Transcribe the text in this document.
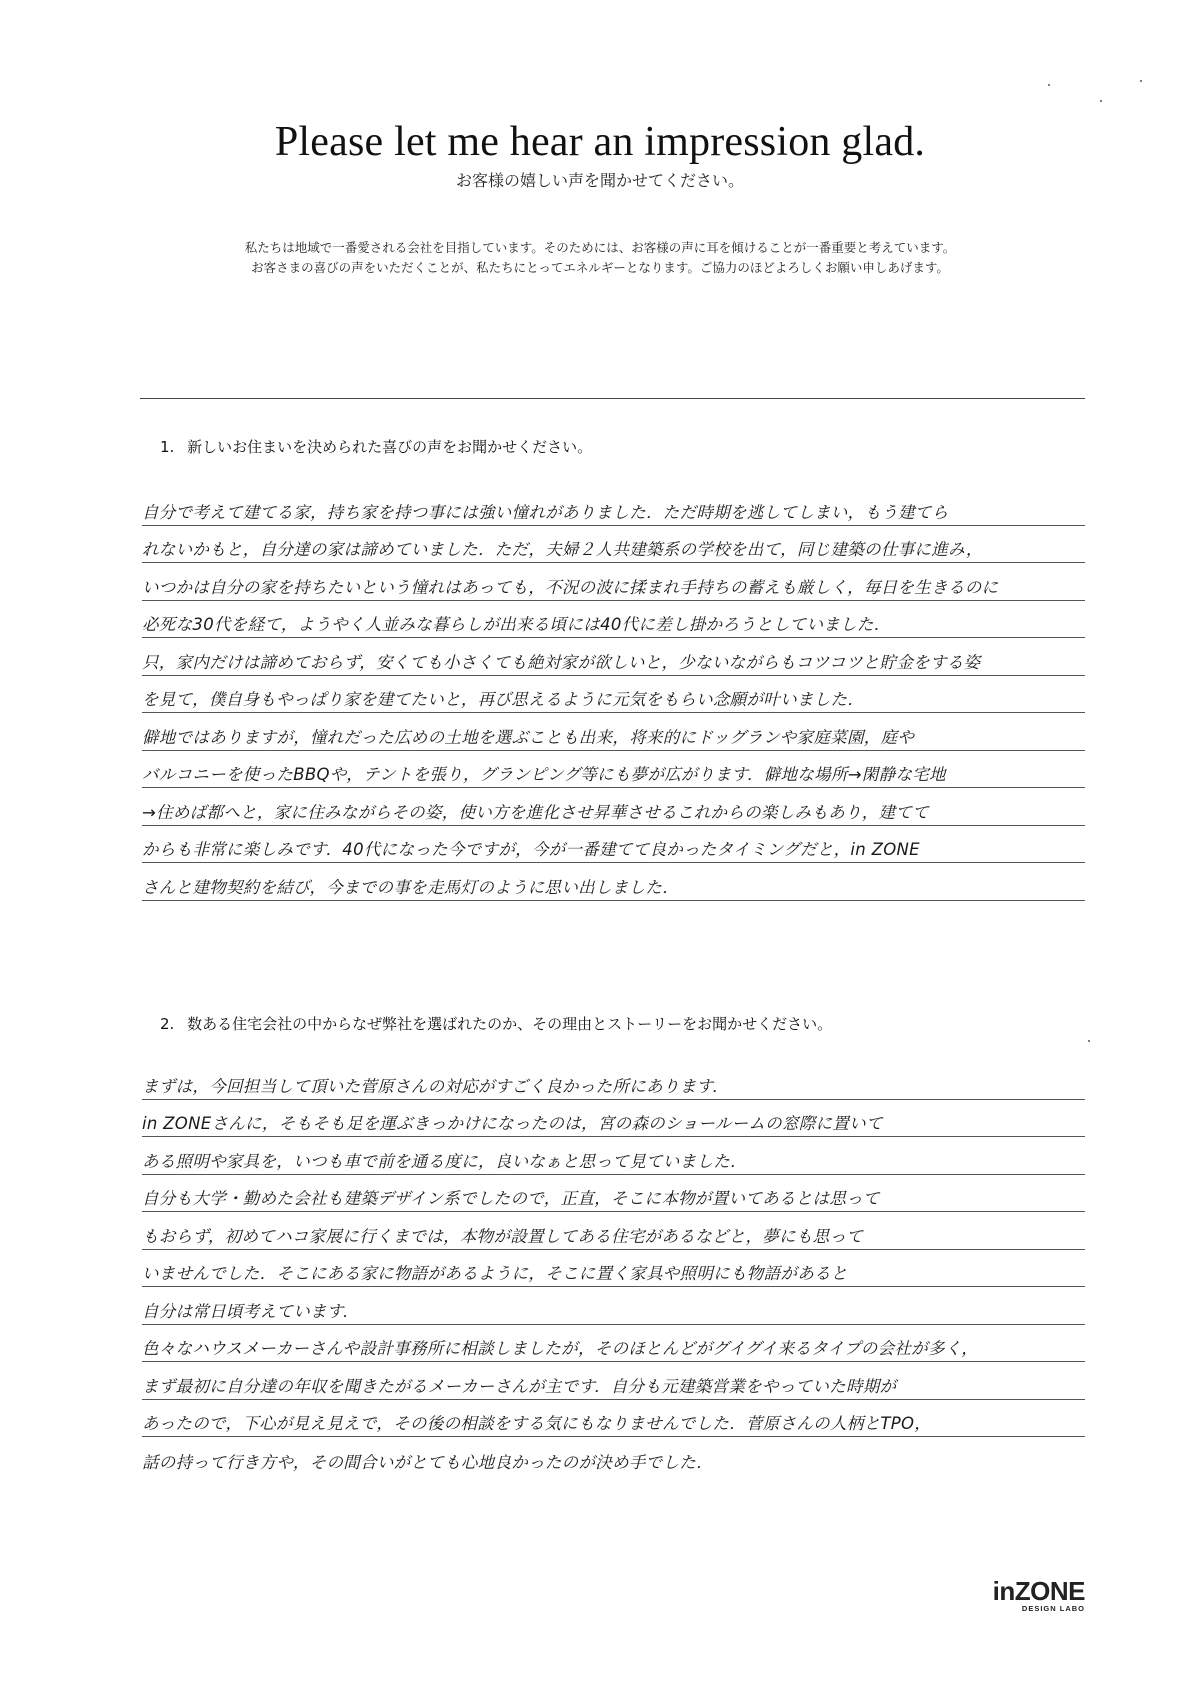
Please let me hear an impression glad.
お客様の嬉しい声を聞かせてください。
私たちは地域で一番愛される会社を目指しています。そのためには、お客様の声に耳を傾けることが一番重要と考えています。
お客さまの喜びの声をいただくことが、私たちにとってエネルギーとなります。ご協力のほどよろしくお願い申しあげます。
1. 新しいお住まいを決められた喜びの声をお聞かせください。
自分で考えて建てる家，持ち家を持つ事には強い憧れがありました．ただ時期を逃してしまい，もう建てら
れないかもと，自分達の家は諦めていました．ただ，夫婦２人共建築系の学校を出て，同じ建築の仕事に進み，
いつかは自分の家を持ちたいという憧れはあっても，不況の波に揉まれ手持ちの蓄えも厳しく，毎日を生きるのに
必死な30代を経て，ようやく人並みな暮らしが出来る頃には40代に差し掛かろうとしていました．
只，家内だけは諦めておらず，安くても小さくても絶対家が欲しいと，少ないながらもコツコツと貯金をする姿
を見て，僕自身もやっぱり家を建てたいと，再び思えるように元気をもらい念願が叶いました．
僻地ではありますが，憧れだった広めの土地を選ぶことも出来，将来的にドッグランや家庭菜園，庭や
バルコニーを使ったBBQや，テントを張り，グランピング等にも夢が広がります．僻地な場所→閑静な宅地
→住めば都へと，家に住みながらその姿，使い方を進化させ昇華させるこれからの楽しみもあり，建てて
からも非常に楽しみです．40代になった今ですが，今が一番建てて良かったタイミングだと，in ZONE
さんと建物契約を結び，今までの事を走馬灯のように思い出しました．
2. 数ある住宅会社の中からなぜ弊社を選ばれたのか、その理由とストーリーをお聞かせください。
まずは，今回担当して頂いた菅原さんの対応がすごく良かった所にあります．
in ZONEさんに，そもそも足を運ぶきっかけになったのは，宮の森のショールームの窓際に置いて
ある照明や家具を，いつも車で前を通る度に，良いなぁと思って見ていました．
自分も大学・勤めた会社も建築デザイン系でしたので，正直，そこに本物が置いてあるとは思って
もおらず，初めてハコ家展に行くまでは，本物が設置してある住宅があるなどと，夢にも思って
いませんでした．そこにある家に物語があるように，そこに置く家具や照明にも物語があると
自分は常日頃考えています．
色々なハウスメーカーさんや設計事務所に相談しましたが，そのほとんどがグイグイ来るタイプの会社が多く，
まず最初に自分達の年収を聞きたがるメーカーさんが主です．自分も元建築営業をやっていた時期が
あったので，下心が見え見えで，その後の相談をする気にもなりませんでした．菅原さんの人柄とTPO，
話の持って行き方や，その間合いがとても心地良かったのが決め手でした．
inZONE
DESIGN LABO
